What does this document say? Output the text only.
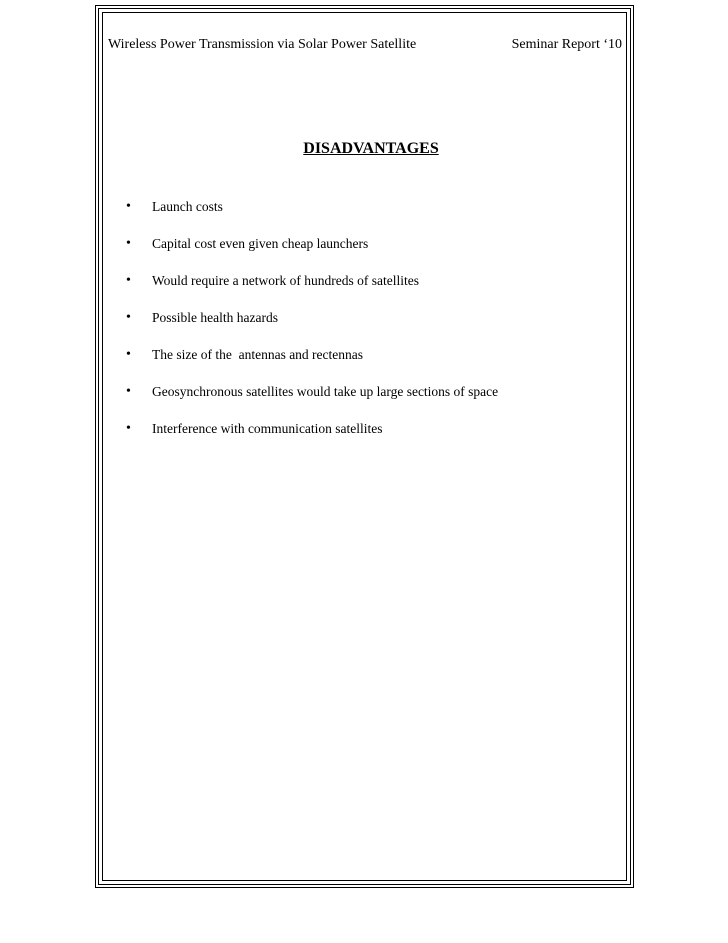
Wireless Power Transmission via Solar Power Satellite	Seminar Report ‘10
DISADVANTAGES
• Launch costs
• Capital cost even given cheap launchers
• Would require a network of hundreds of satellites
• Possible health hazards
• The size of the  antennas and rectennas
• Geosynchronous satellites would take up large sections of space
• Interference with communication satellites
